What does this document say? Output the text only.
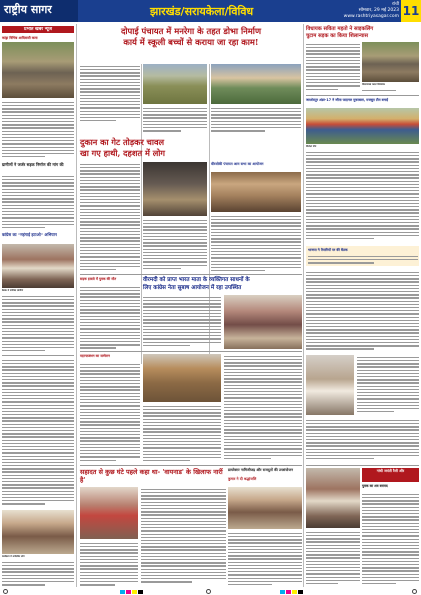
राष्ट्रीय सागर	झारखंड/सरायकेला/विविध
रांची
सोमवार, 29 मई 2023
www.rashtriyasagar.com 11
प्रभात खबर न्यूज
कांड्रा विभिन्न आदिवासी कला
ग्रामीणों ने जर्जर सड़क निर्माण की मांग की
कांग्रेस का “महंगाई हटाओ” अभियान
बैठक में शामिल ग्रामीण
कार्यक्रम में उपस्थित लोग
दोपाई पंचायत में मनरेगा के तहत डोभा निर्माण
कार्य में स्कूली बच्चों से कराया जा रहा काम!
दुकान का गेट तोड़कर चावल
खा गए हाथी, दहशत में लोग
बीरसोकी पंचायत आम सभा का आयोजन
सड़क हादसे में युवक की मौत	वीरमदी को प्राप्त भारत माता के व्यक्तिगत साधनों के
लिए कांग्रेस नेता सुबाष आयोजन में रहा उपस्थित
महागठबंधन का सम्मेलन
सहादत से कुछ घंटे पहले कहा था- 'वायनाड' के खिलाफ नारीं है'
डायरेक्टर नामिजीजड़ और राजदूतों की उपसंयोजन
कुमार ने दी श्रद्धांजलि
विधायक सविता महतो ने साइकलिंग
चुटाम सड़क का किया शिलान्यास
शिलान्यास करते विधायक
जमशेदपुर अंडर-17 ने जीता फाइनल मुकाबला, मजबूत टीम बनाई
विजेता टीम
भाजपा ने तैयारियों पर की बैठक
गांधी जयंती रैली और
युवक का शव बरामद
